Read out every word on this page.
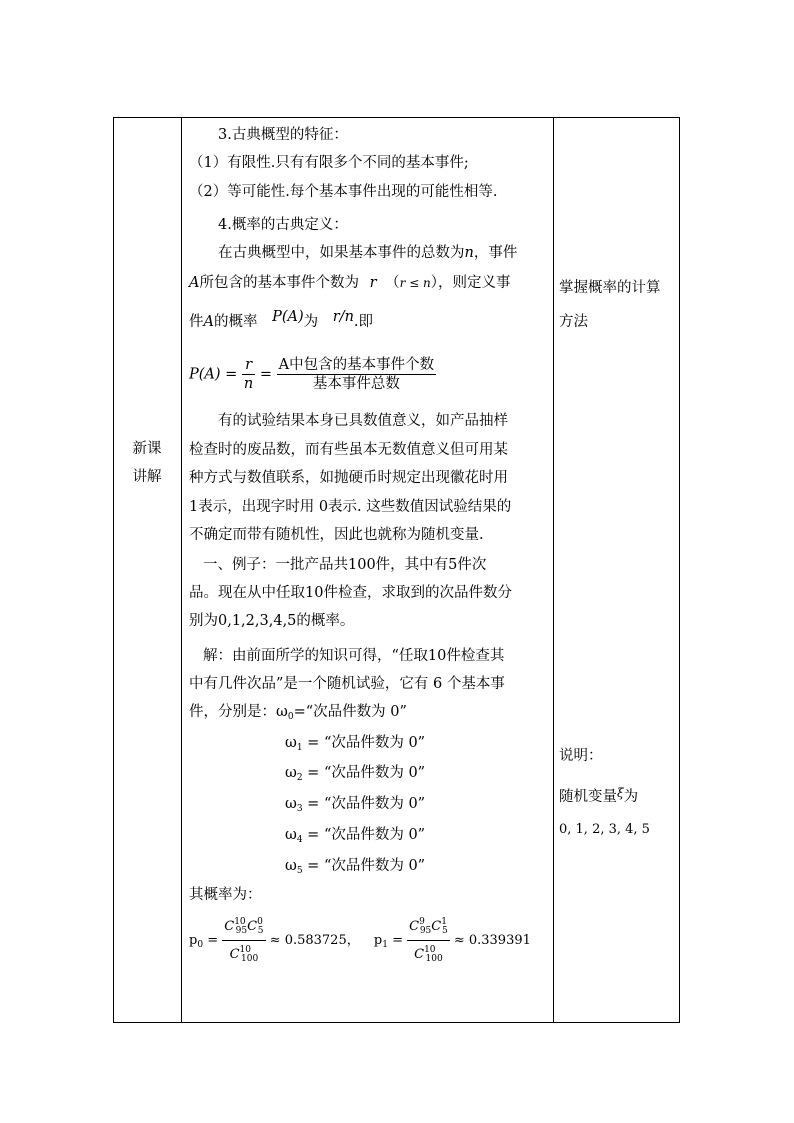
新课
讲解
3.古典概型的特征：
（1）有限性.只有有限多个不同的基本事件;
（2）等可能性.每个基本事件出现的可能性相等.
4.概率的古典定义：
在古典概型中，如果基本事件的总数为n，事件
A所包含的基本事件个数为 r （r ≤ n），则定义事
件A的概率 P(A)为 r/n.即
$P(A) = \frac{r}{n} = \frac{\text{A中包含的基本事件个数}}{\text{基本事件总数}}$
有的试验结果本身已具数值意义，如产品抽样
检查时的废品数，而有些虽本无数值意义但可用某
种方式与数值联系，如抛硬币时规定出现徽花时用
1表示，出现字时用 0表示. 这些数值因试验结果的
不确定而带有随机性，因此也就称为随机变量.
一、例子：一批产品共100件，其中有5件次
品。现在从中任取10件检查，求取到的次品件数分
别为0,1,2,3,4,5的概率。
解：由前面所学的知识可得，“任取10件检查其
中有几件次品”是一个随机试验，它有 6 个基本事
件，分别是：$\omega_0=“$次品件数为 0”
$\omega_1$ = “次品件数为 0”
$\omega_2$ = “次品件数为 0”
$\omega_3$ = “次品件数为 0”
$\omega_4$ = “次品件数为 0”
$\omega_5$ = “次品件数为 0”
其概率为：
$p_0 = \frac{C^{10}_{95}C^0_5}{C^{10}_{100}} \approx 0.583725$， $p_1 = \frac{C^9_{95}C^1_5}{C^{10}_{100}} \approx 0.339391$
掌握概率的计算
方法
说明：
随机变量$^\xi$为
0, 1, 2, 3, 4, 5
